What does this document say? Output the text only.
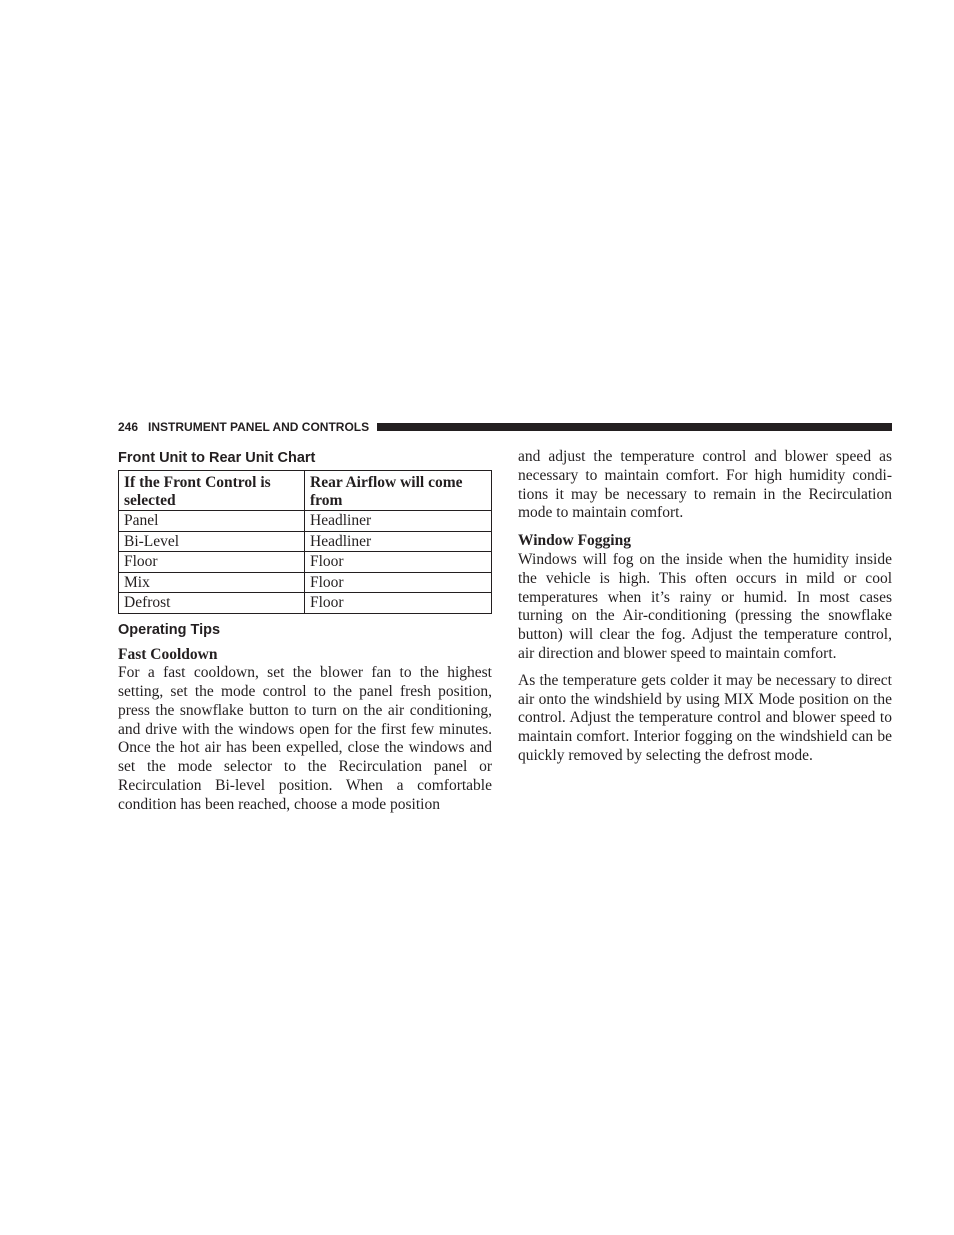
246 INSTRUMENT PANEL AND CONTROLS
Front Unit to Rear Unit Chart
If the Front Control is selected	Rear Airflow will come from
Panel	Headliner
Bi-Level	Headliner
Floor	Floor
Mix	Floor
Defrost	Floor
Operating Tips
Fast Cooldown

For a fast cooldown, set the blower fan to the highest setting, set the mode control to the panel fresh position, press the snowflake button to turn on the air conditioning, and drive with the windows open for the first few minutes. Once the hot air has been expelled, close the windows and set the mode selector to the Recirculation panel or Recirculation Bi-level position. When a comfortable condition has been reached, choose a mode position

and adjust the temperature control and blower speed as necessary to maintain comfort. For high humidity conditions it may be necessary to remain in the Recirculation mode to maintain comfort.

Window Fogging

Windows will fog on the inside when the humidity inside the vehicle is high. This often occurs in mild or cool temperatures when it’s rainy or humid. In most cases turning on the Air-conditioning (pressing the snowflake button) will clear the fog. Adjust the temperature control, air direction and blower speed to maintain comfort.

As the temperature gets colder it may be necessary to direct air onto the windshield by using MIX Mode position on the control. Adjust the temperature control and blower speed to maintain comfort. Interior fogging on the windshield can be quickly removed by selecting the defrost mode.
